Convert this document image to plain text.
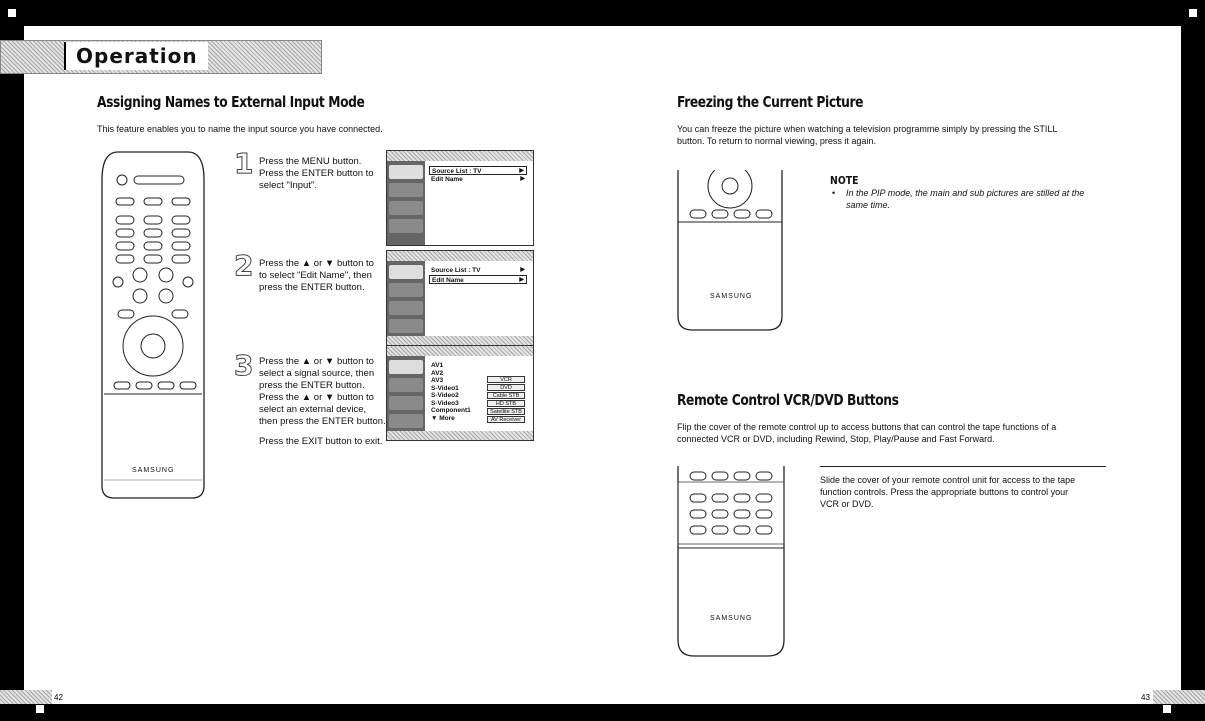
Operation
Assigning Names to External Input Mode
This feature enables you to name the input source you have connected.
SAMSUNG
1 Press the MENU button.
Press the ENTER button to
select "Input".
Source List : TV	▶
Edit Name	▶
2 Press the ▲ or ▼ button to
to select "Edit Name", then
press the ENTER button.
Source List : TV	▶
Edit Name	▶
3 Press the ▲ or ▼ button to
select a signal source, then
press the ENTER button.
Press the ▲ or ▼ button to
select an external device,
then press the ENTER button.
Press the EXIT button to exit.
AV1
AV2
AV3
S-Video1
S-Video2
S-Video3
Component1
▼ More
VCR
DVD
Cable STB
HD STB
Satellite STB
AV Receiver
Freezing the Current Picture
You can freeze the picture when watching a television programme simply by pressing the STILL
button. To return to normal viewing, press it again.
SAMSUNG
NOTE
In the PIP mode, the main and sub pictures are stilled at the
same time.
•
Remote Control VCR/DVD Buttons
Flip the cover of the remote control up to access buttons that can control the tape functions of a
connected VCR or DVD, including Rewind, Stop, Play/Pause and Fast Forward.
SAMSUNG
Slide the cover of your remote control unit for access to the tape
function controls. Press the appropriate buttons to control your
VCR or DVD.
42	43
